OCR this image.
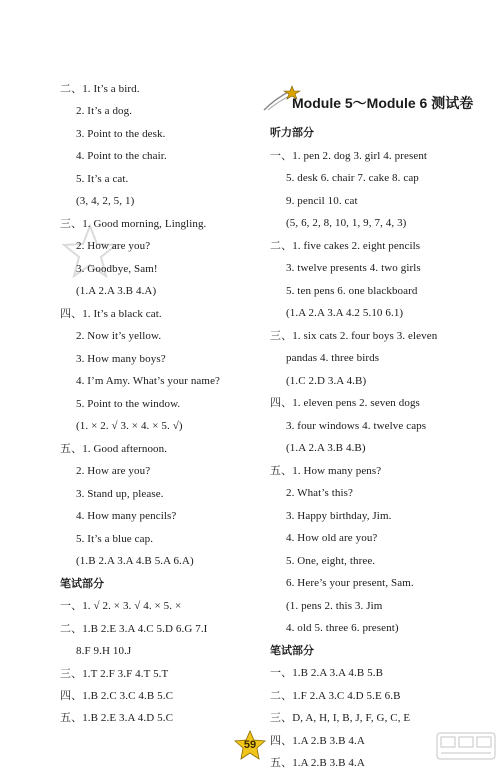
二、1. It’s a bird.
2. It’s a dog.
3. Point to the desk.
4. Point to the chair.
5. It’s a cat.
(3, 4, 2, 5, 1)
三、1. Good morning, Lingling.
2. How are you?
3. Goodbye, Sam!
(1.A 2.A 3.B 4.A)
四、1. It’s a black cat.
2. Now it’s yellow.
3. How many boys?
4. I’m Amy. What’s your name?
5. Point to the window.
(1. × 2. √ 3. × 4. × 5. √)
五、1. Good afternoon.
2. How are you?
3. Stand up, please.
4. How many pencils?
5. It’s a blue cap.
(1.B 2.A 3.A 4.B 5.A 6.A)
笔试部分
一、1. √ 2. × 3. √ 4. × 5. ×
二、1.B 2.E 3.A 4.C 5.D 6.G 7.I
8.F 9.H 10.J
三、1.T 2.F 3.F 4.T 5.T
四、1.B 2.C 3.C 4.B 5.C
五、1.B 2.E 3.A 4.D 5.C
Module 5～Module 6 测试卷
听力部分
一、1. pen 2. dog 3. girl 4. present
5. desk 6. chair 7. cake 8. cap
9. pencil 10. cat
(5, 6, 2, 8, 10, 1, 9, 7, 4, 3)
二、1. five cakes 2. eight pencils
3. twelve presents 4. two girls
5. ten pens 6. one blackboard
(1.A 2.A 3.A 4.2 5.10 6.1)
三、1. six cats 2. four boys 3. eleven
pandas 4. three birds
(1.C 2.D 3.A 4.B)
四、1. eleven pens 2. seven dogs
3. four windows 4. twelve caps
(1.A 2.A 3.B 4.B)
五、1. How many pens?
2. What’s this?
3. Happy birthday, Jim.
4. How old are you?
5. One, eight, three.
6. Here’s your present, Sam.
(1. pens 2. this 3. Jim
4. old 5. three 6. present)
笔试部分
一、1.B 2.A 3.A 4.B 5.B
二、1.F 2.A 3.C 4.D 5.E 6.B
三、D, A, H, I, B, J, F, G, C, E
四、1.A 2.B 3.B 4.A
五、1.A 2.B 3.B 4.A
59
